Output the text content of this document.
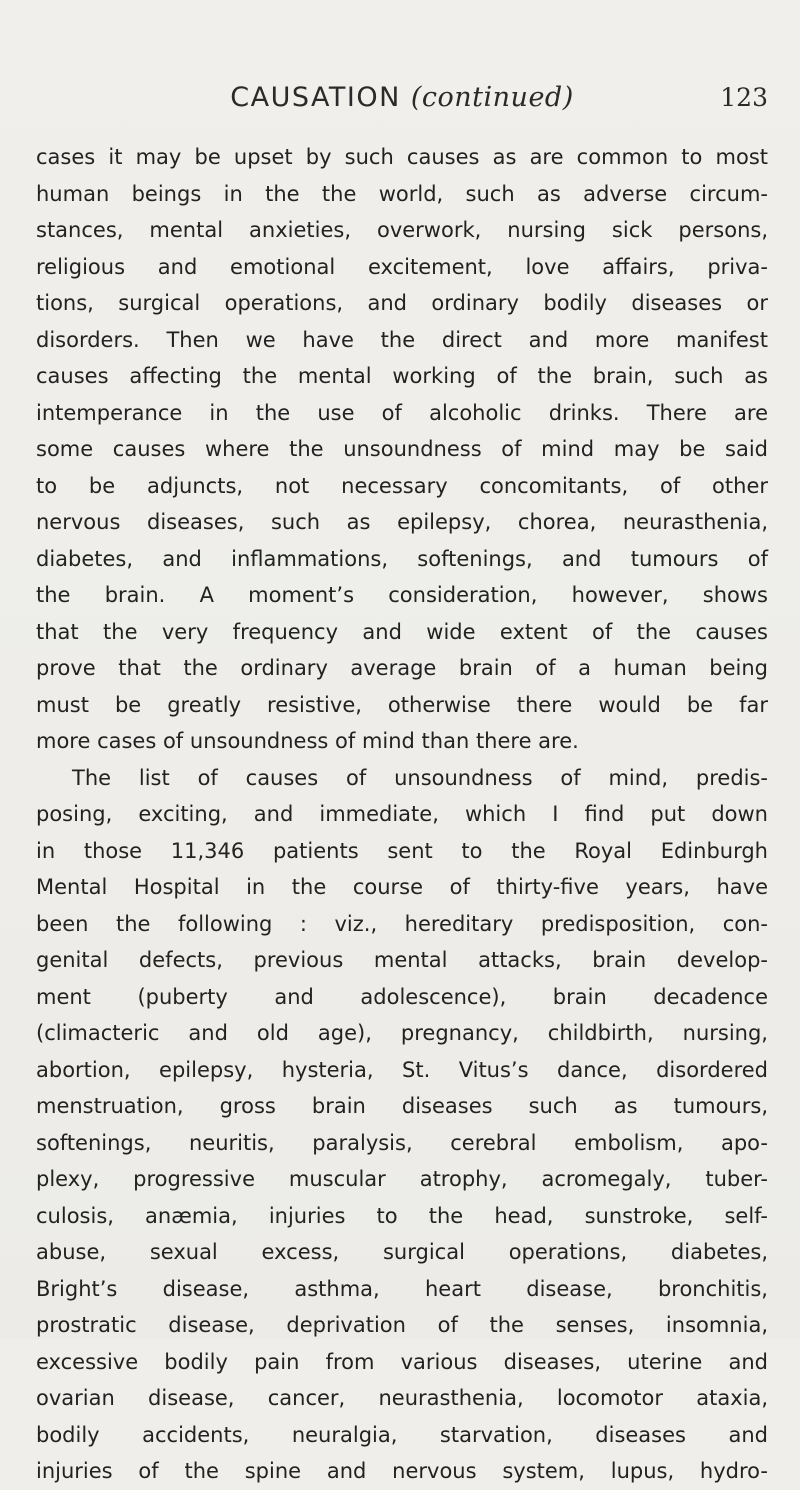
CAUSATION (continued)	123
cases it may be upset by such causes as are common to most
human beings in the the world, such as adverse circum-
stances, mental anxieties, overwork, nursing sick persons,
religious and emotional excitement, love affairs, priva-
tions, surgical operations, and ordinary bodily diseases or
disorders. Then we have the direct and more manifest
causes affecting the mental working of the brain, such as
intemperance in the use of alcoholic drinks. There are
some causes where the unsoundness of mind may be said
to be adjuncts, not necessary concomitants, of other
nervous diseases, such as epilepsy, chorea, neurasthenia,
diabetes, and inflammations, softenings, and tumours of
the brain. A moment’s consideration, however, shows
that the very frequency and wide extent of the causes
prove that the ordinary average brain of a human being
must be greatly resistive, otherwise there would be far
more cases of unsoundness of mind than there are.
The list of causes of unsoundness of mind, predis-
posing, exciting, and immediate, which I find put down
in those 11,346 patients sent to the Royal Edinburgh
Mental Hospital in the course of thirty-five years, have
been the following : viz., hereditary predisposition, con-
genital defects, previous mental attacks, brain develop-
ment (puberty and adolescence), brain decadence
(climacteric and old age), pregnancy, childbirth, nursing,
abortion, epilepsy, hysteria, St. Vitus’s dance, disordered
menstruation, gross brain diseases such as tumours,
softenings, neuritis, paralysis, cerebral embolism, apo-
plexy, progressive muscular atrophy, acromegaly, tuber-
culosis, anæmia, injuries to the head, sunstroke, self-
abuse, sexual excess, surgical operations, diabetes,
Bright’s disease, asthma, heart disease, bronchitis,
prostratic disease, deprivation of the senses, insomnia,
excessive bodily pain from various diseases, uterine and
ovarian disease, cancer, neurasthenia, locomotor ataxia,
bodily accidents, neuralgia, starvation, diseases and
injuries of the spine and nervous system, lupus, hydro-
